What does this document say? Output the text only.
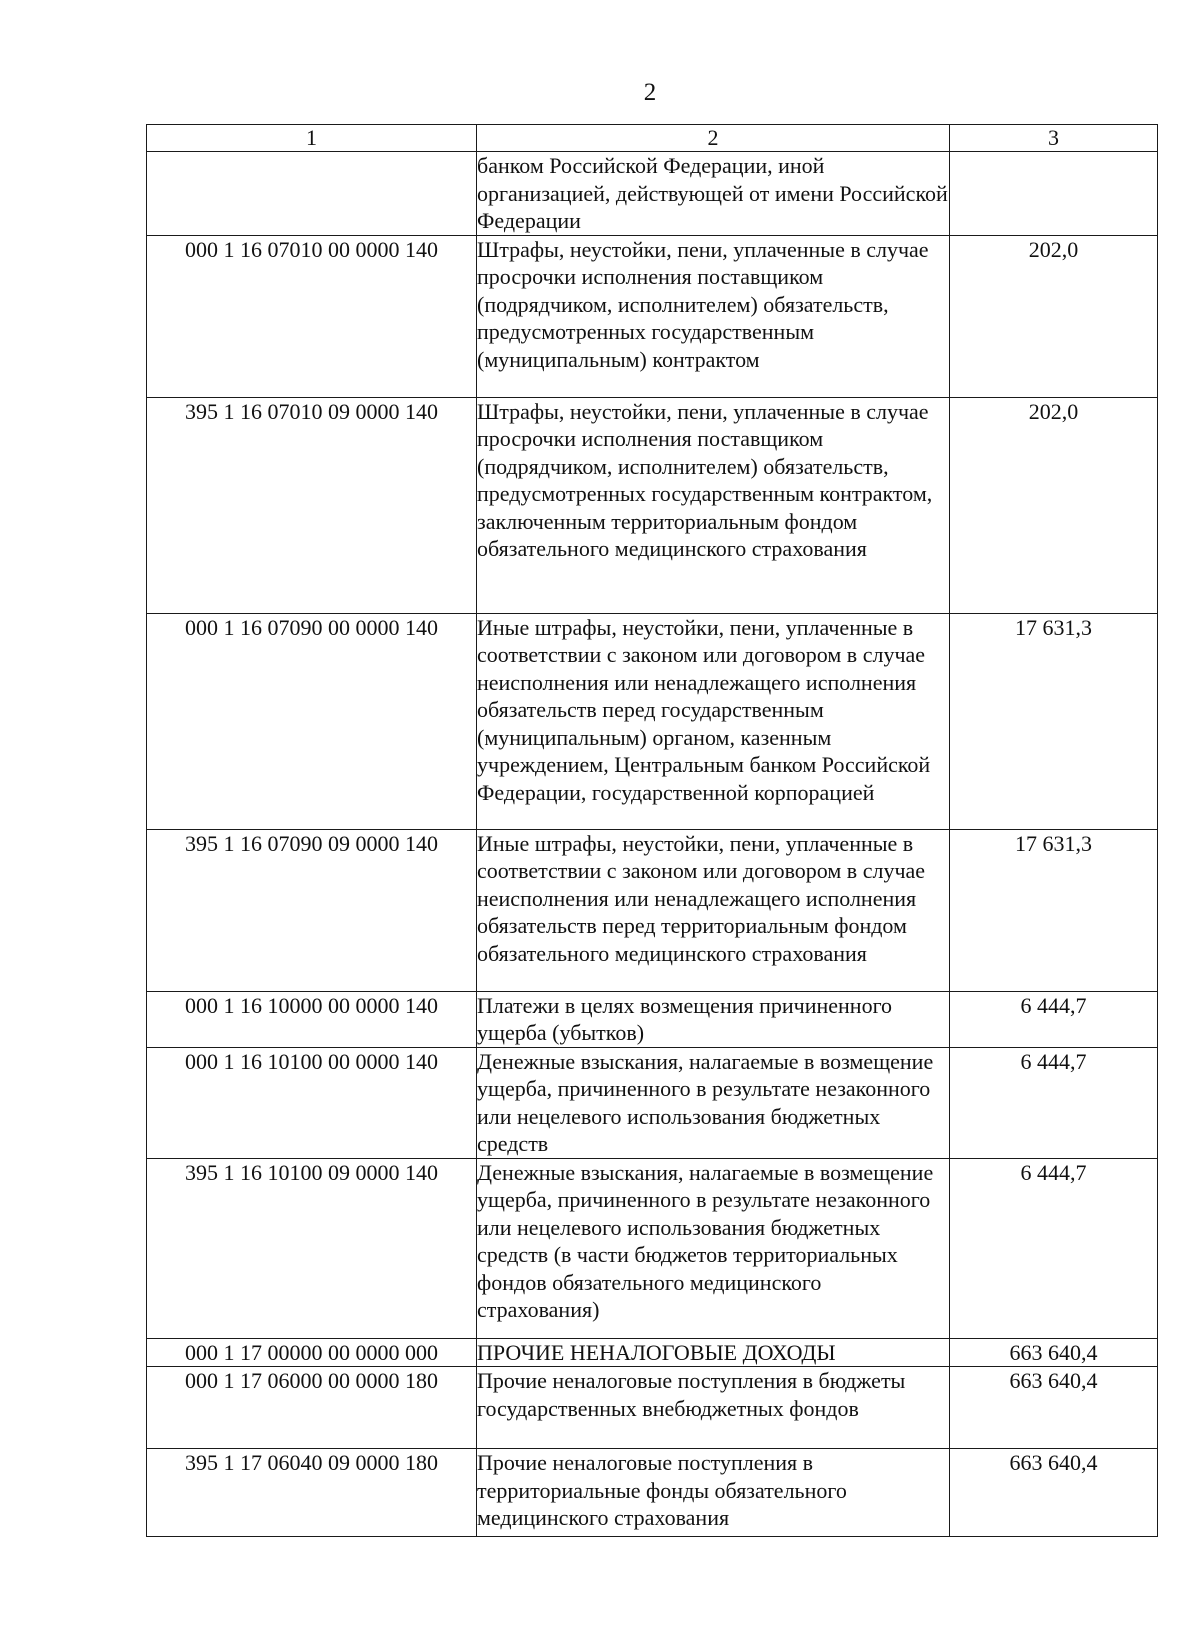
2
1	2	3
	банком Российской Федерации, иной организацией, действующей от имени Российской Федерации	
000 1 16 07010 00 0000 140	Штрафы, неустойки, пени, уплаченные в случае просрочки исполнения поставщиком (подрядчиком, исполнителем) обязательств, предусмотренных государственным (муниципальным) контрактом	202,0
395 1 16 07010 09 0000 140	Штрафы, неустойки, пени, уплаченные в случае просрочки исполнения поставщиком (подрядчиком, исполнителем) обязательств, предусмотренных государственным контрактом, заключенным территориальным фондом обязательного медицинского страхования	202,0
000 1 16 07090 00 0000 140	Иные штрафы, неустойки, пени, уплаченные в соответствии с законом или договором в случае неисполнения или ненадлежащего исполнения обязательств перед государственным (муниципальным) органом, казенным учреждением, Центральным банком Российской Федерации, государственной корпорацией	17 631,3
395 1 16 07090 09 0000 140	Иные штрафы, неустойки, пени, уплаченные в соответствии с законом или договором в случае неисполнения или ненадлежащего исполнения обязательств перед территориальным фондом обязательного медицинского страхования	17 631,3
000 1 16 10000 00 0000 140	Платежи в целях возмещения причиненного ущерба (убытков)	6 444,7
000 1 16 10100 00 0000 140	Денежные взыскания, налагаемые в возмещение ущерба, причиненного в результате незаконного или нецелевого использования бюджетных средств	6 444,7
395 1 16 10100 09 0000 140	Денежные взыскания, налагаемые в возмещение ущерба, причиненного в результате незаконного или нецелевого использования бюджетных средств (в части бюджетов территориальных фондов обязательного медицинского страхования)	6 444,7
000 1 17 00000 00 0000 000	ПРОЧИЕ НЕНАЛОГОВЫЕ ДОХОДЫ	663 640,4
000 1 17 06000 00 0000 180	Прочие неналоговые поступления в бюджеты государственных внебюджетных фондов	663 640,4
395 1 17 06040 09 0000 180	Прочие неналоговые поступления в территориальные фонды обязательного медицинского страхования	663 640,4
